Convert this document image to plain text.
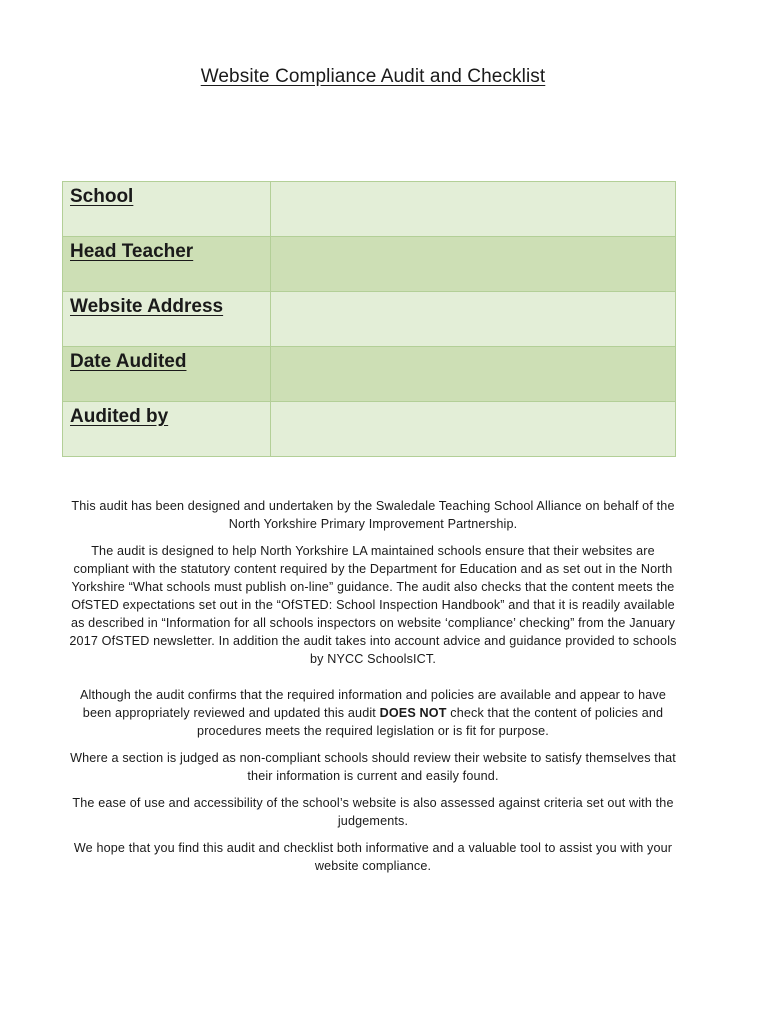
Website Compliance Audit and Checklist
School	
Head Teacher	
Website Address	
Date Audited	
Audited by	

This audit has been designed and undertaken by the Swaledale Teaching School Alliance on behalf of the North Yorkshire Primary Improvement Partnership.

The audit is designed to help North Yorkshire LA maintained schools ensure that their websites are compliant with the statutory content required by the Department for Education and as set out in the North Yorkshire “What schools must publish on-line” guidance. The audit also checks that the content meets the OfSTED expectations set out in the “OfSTED: School Inspection Handbook” and that it is readily available as described in “Information for all schools inspectors on website ‘compliance’ checking” from the January 2017 OfSTED newsletter. In addition the audit takes into account advice and guidance provided to schools by NYCC SchoolsICT.

Although the audit confirms that the required information and policies are available and appear to have been appropriately reviewed and updated this audit DOES NOT check that the content of policies and procedures meets the required legislation or is fit for purpose.

Where a section is judged as non-compliant schools should review their website to satisfy themselves that their information is current and easily found.

The ease of use and accessibility of the school’s website is also assessed against criteria set out with the judgements.

We hope that you find this audit and checklist both informative and a valuable tool to assist you with your website compliance.
